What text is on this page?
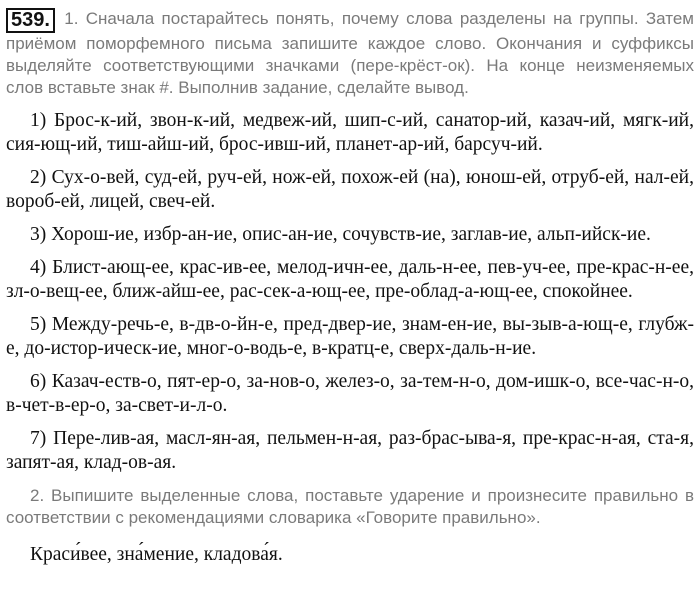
539. 1. Сначала постарайтесь понять, почему слова разделены на группы. Затем приёмом поморфемного письма запишите каждое слово. Окончания и суффиксы выделяйте соответствующими значками (пере-крёст-ок). На конце неизменяемых слов вставьте знак #. Выполнив задание, сделайте вывод.

1) Брос-к-ий, звон-к-ий, медвеж-ий, шип-с-ий, санатор-ий, казач-ий, мягк-ий, сия-ющ-ий, тиш-айш-ий, брос-ивш-ий, планет-ар-ий, барсуч-ий.

2) Сух-о-вей, суд-ей, руч-ей, нож-ей, похож-ей (на), юнош-ей, отруб-ей, нал-ей, вороб-ей, лицей, свеч-ей.

3) Хорош-ие, избр-ан-ие, опис-ан-ие, сочувств-ие, заглав-ие, альп-ийск-ие.

4) Блист-ающ-ее, крас-ив-ее, мелод-ичн-ее, даль-н-ее, пев-уч-ее, пре-крас-н-ее, зл-о-вещ-ее, ближ-айш-ее, рас-сек-а-ющ-ее, пре-облад-а-ющ-ее, спокойнее.

5) Между-речь-е, в-дв-о-йн-е, пред-двер-ие, знам-ен-ие, вы-зыв-а-ющ-е, глубж-е, до-истор-ическ-ие, мног-о-водь-е, в-кратц-е, сверх-даль-н-ие.

6) Казач-еств-о, пят-ер-о, за-нов-о, желез-о, за-тем-н-о, дом-ишк-о, все-час-н-о, в-чет-в-ер-о, за-свет-и-л-о.

7) Пере-лив-ая, масл-ян-ая, пельмен-н-ая, раз-брас-ыва-я, пре-крас-н-ая, ста-я, запят-ая, клад-ов-ая.

2. Выпишите выделенные слова, поставьте ударение и произнесите правильно в соответствии с рекомендациями словарика «Говорите правильно».
Краси́вее, зна́мение, кладова́я.
